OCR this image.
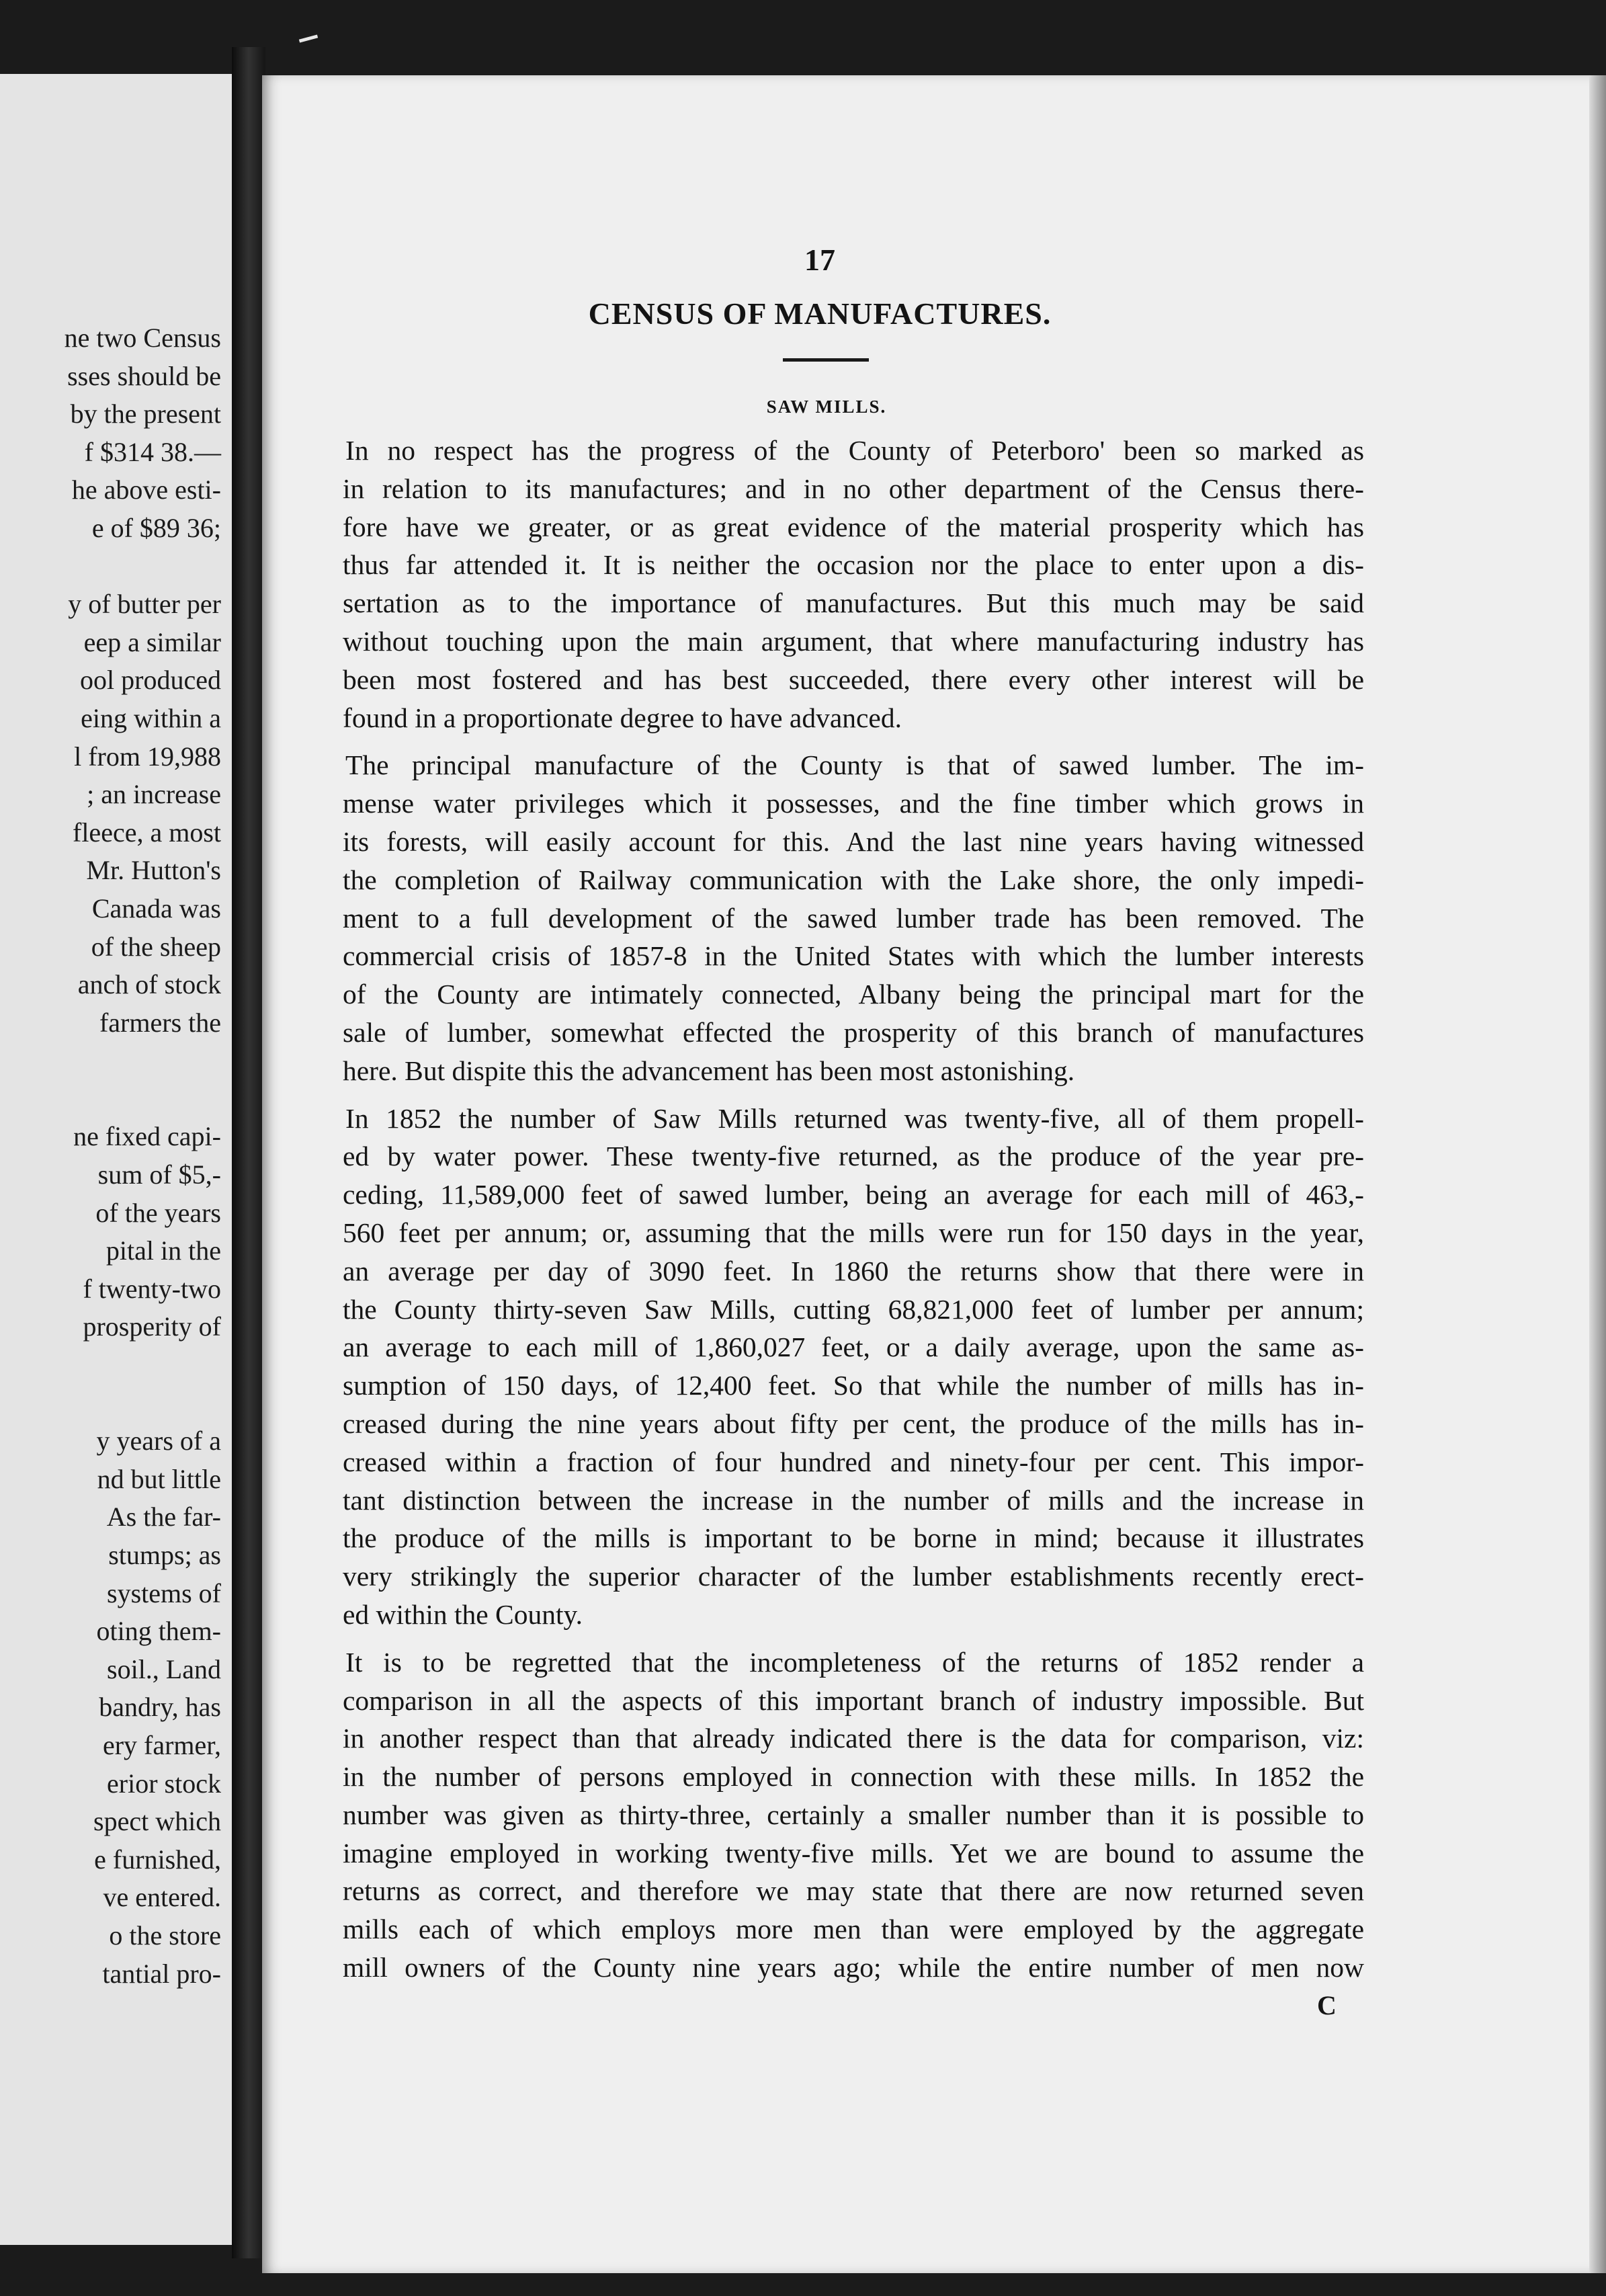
ne two Census
sses should be
by the present
f $314 38.—
he above esti-
e of $89 36;
y of butter per
eep a similar
ool produced
eing within a
l from 19,988
; an increase
fleece, a most
Mr. Hutton's
Canada was
of the sheep
anch of stock
farmers the
ne fixed capi-
sum of $5,-
of the years
pital in the
f twenty-two
prosperity of
y years of a
nd but little
As the far-
stumps; as
systems of
oting them-
soil., Land
bandry, has
ery farmer,
erior stock
spect which
e furnished,
ve entered.
o the store
tantial pro-
17
CENSUS OF MANUFACTURES.
SAW MILLS.
In no respect has the progress of the County of Peterboro' been so marked as
in relation to its manufactures; and in no other department of the Census there-
fore have we greater, or as great evidence of the material prosperity which has
thus far attended it. It is neither the occasion nor the place to enter upon a dis-
sertation as to the importance of manufactures. But this much may be said
without touching upon the main argument, that where manufacturing industry has
been most fostered and has best succeeded, there every other interest will be
found in a proportionate degree to have advanced.
The principal manufacture of the County is that of sawed lumber. The im-
mense water privileges which it possesses, and the fine timber which grows in
its forests, will easily account for this. And the last nine years having witnessed
the completion of Railway communication with the Lake shore, the only impedi-
ment to a full development of the sawed lumber trade has been removed. The
commercial crisis of 1857-8 in the United States with which the lumber interests
of the County are intimately connected, Albany being the principal mart for the
sale of lumber, somewhat effected the prosperity of this branch of manufactures
here. But dispite this the advancement has been most astonishing.
In 1852 the number of Saw Mills returned was twenty-five, all of them propell-
ed by water power. These twenty-five returned, as the produce of the year pre-
ceding, 11,589,000 feet of sawed lumber, being an average for each mill of 463,-
560 feet per annum; or, assuming that the mills were run for 150 days in the year,
an average per day of 3090 feet. In 1860 the returns show that there were in
the County thirty-seven Saw Mills, cutting 68,821,000 feet of lumber per annum;
an average to each mill of 1,860,027 feet, or a daily average, upon the same as-
sumption of 150 days, of 12,400 feet. So that while the number of mills has in-
creased during the nine years about fifty per cent, the produce of the mills has in-
creased within a fraction of four hundred and ninety-four per cent. This impor-
tant distinction between the increase in the number of mills and the increase in
the produce of the mills is important to be borne in mind; because it illustrates
very strikingly the superior character of the lumber establishments recently erect-
ed within the County.
It is to be regretted that the incompleteness of the returns of 1852 render a
comparison in all the aspects of this important branch of industry impossible. But
in another respect than that already indicated there is the data for comparison, viz:
in the number of persons employed in connection with these mills. In 1852 the
number was given as thirty-three, certainly a smaller number than it is possible to
imagine employed in working twenty-five mills. Yet we are bound to assume the
returns as correct, and therefore we may state that there are now returned seven
mills each of which employs more men than were employed by the aggregate
mill owners of the County nine years ago; while the entire number of men now
C
